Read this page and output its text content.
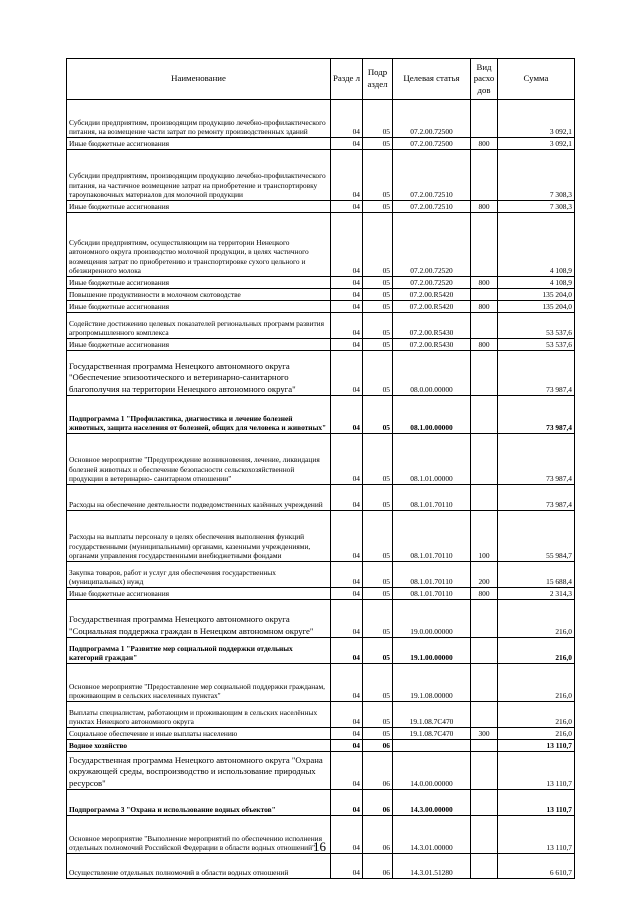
Наименование	Разде л	Подр аздел	Целевая статья	Вид расхо дов	Сумма
Субсидии предприятиям, производящим продукцию лечебно-профилактического питания, на возмещение части затрат по ремонту производственных зданий	04	05	07.2.00.72500		3 092,1
Иные бюджетные ассигнования	04	05	07.2.00.72500	800	3 092,1
Субсидии предприятиям, производящим продукцию лечебно-профилактического питания, на частичное возмещение затрат на приобретение и транспортировку тароупаковочных материалов для молочной продукции	04	05	07.2.00.72510		7 308,3
Иные бюджетные ассигнования	04	05	07.2.00.72510	800	7 308,3
Субсидии предприятиям, осуществляющим на территории Ненецкого автономного округа производство молочной продукции, в целях частичного возмещения затрат по приобретению и транспортировке сухого цельного и обезжиренного молока	04	05	07.2.00.72520		4 108,9
Иные бюджетные ассигнования	04	05	07.2.00.72520	800	4 108,9
Повышение продуктивности в молочном скотоводстве	04	05	07.2.00.R5420		135 204,0
Иные бюджетные ассигнования	04	05	07.2.00.R5420	800	135 204,0
Содействие достижению целевых показателей региональных программ развития агропромышленного комплекса	04	05	07.2.00.R5430		53 537,6
Иные бюджетные ассигнования	04	05	07.2.00.R5430	800	53 537,6
Государственная программа Ненецкого автономного округа "Обеспечение эпизоотического и ветеринарно-санитарного благополучия на территории Ненецкого автономного округа"	04	05	08.0.00.00000		73 987,4
Подпрограмма 1 "Профилактика, диагностика и лечение болезней животных, защита населения от болезней, общих для человека и животных"	04	05	08.1.00.00000		73 987,4
Основное мероприятие "Предупреждение возникновения, лечение, ликвидация болезней животных и обеспечение безопасности сельскохозяйственной продукции в ветеринарно- санитарном отношении"	04	05	08.1.01.00000		73 987,4
Расходы на обеспечение деятельности подведомственных казённых учреждений	04	05	08.1.01.70110		73 987,4
Расходы на выплаты персоналу в целях обеспечения выполнения функций государственными (муниципальными) органами, казенными учреждениями, органами управления государственными внебюджетными фондами	04	05	08.1.01.70110	100	55 984,7
Закупка товаров, работ и услуг для обеспечения государственных (муниципальных) нужд	04	05	08.1.01.70110	200	15 688,4
Иные бюджетные ассигнования	04	05	08.1.01.70110	800	2 314,3
Государственная программа Ненецкого автономного округа "Социальная поддержка граждан в Ненецком автономном округе"	04	05	19.0.00.00000		216,0
Подпрограмма 1 "Развитие мер социальной поддержки отдельных категорий граждан"	04	05	19.1.00.00000		216,0
Основное мероприятие "Предоставление мер социальной поддержки гражданам, проживающим в сельских населенных пунктах"	04	05	19.1.08.00000		216,0
Выплаты специалистам, работающим и проживающим в сельских населённых пунктах Ненецкого автономного округа	04	05	19.1.08.7С470		216,0
Социальное обеспечение и иные выплаты населению	04	05	19.1.08.7С470	300	216,0
Водное хозяйство	04	06			13 110,7
Государственная программа Ненецкого автономного округа "Охрана окружающей среды, воспроизводство и использование природных ресурсов"	04	06	14.0.00.00000		13 110,7
Подпрограмма 3 "Охрана и использование водных объектов"	04	06	14.3.00.00000		13 110,7
Основное мероприятие "Выполнение мероприятий по обеспечению исполнения отдельных полномочий Российской Федерации в области водных отношений"	04	06	14.3.01.00000		13 110,7
Осуществление отдельных полномочий в области водных отношений	04	06	14.3.01.51280		6 610,7
16
